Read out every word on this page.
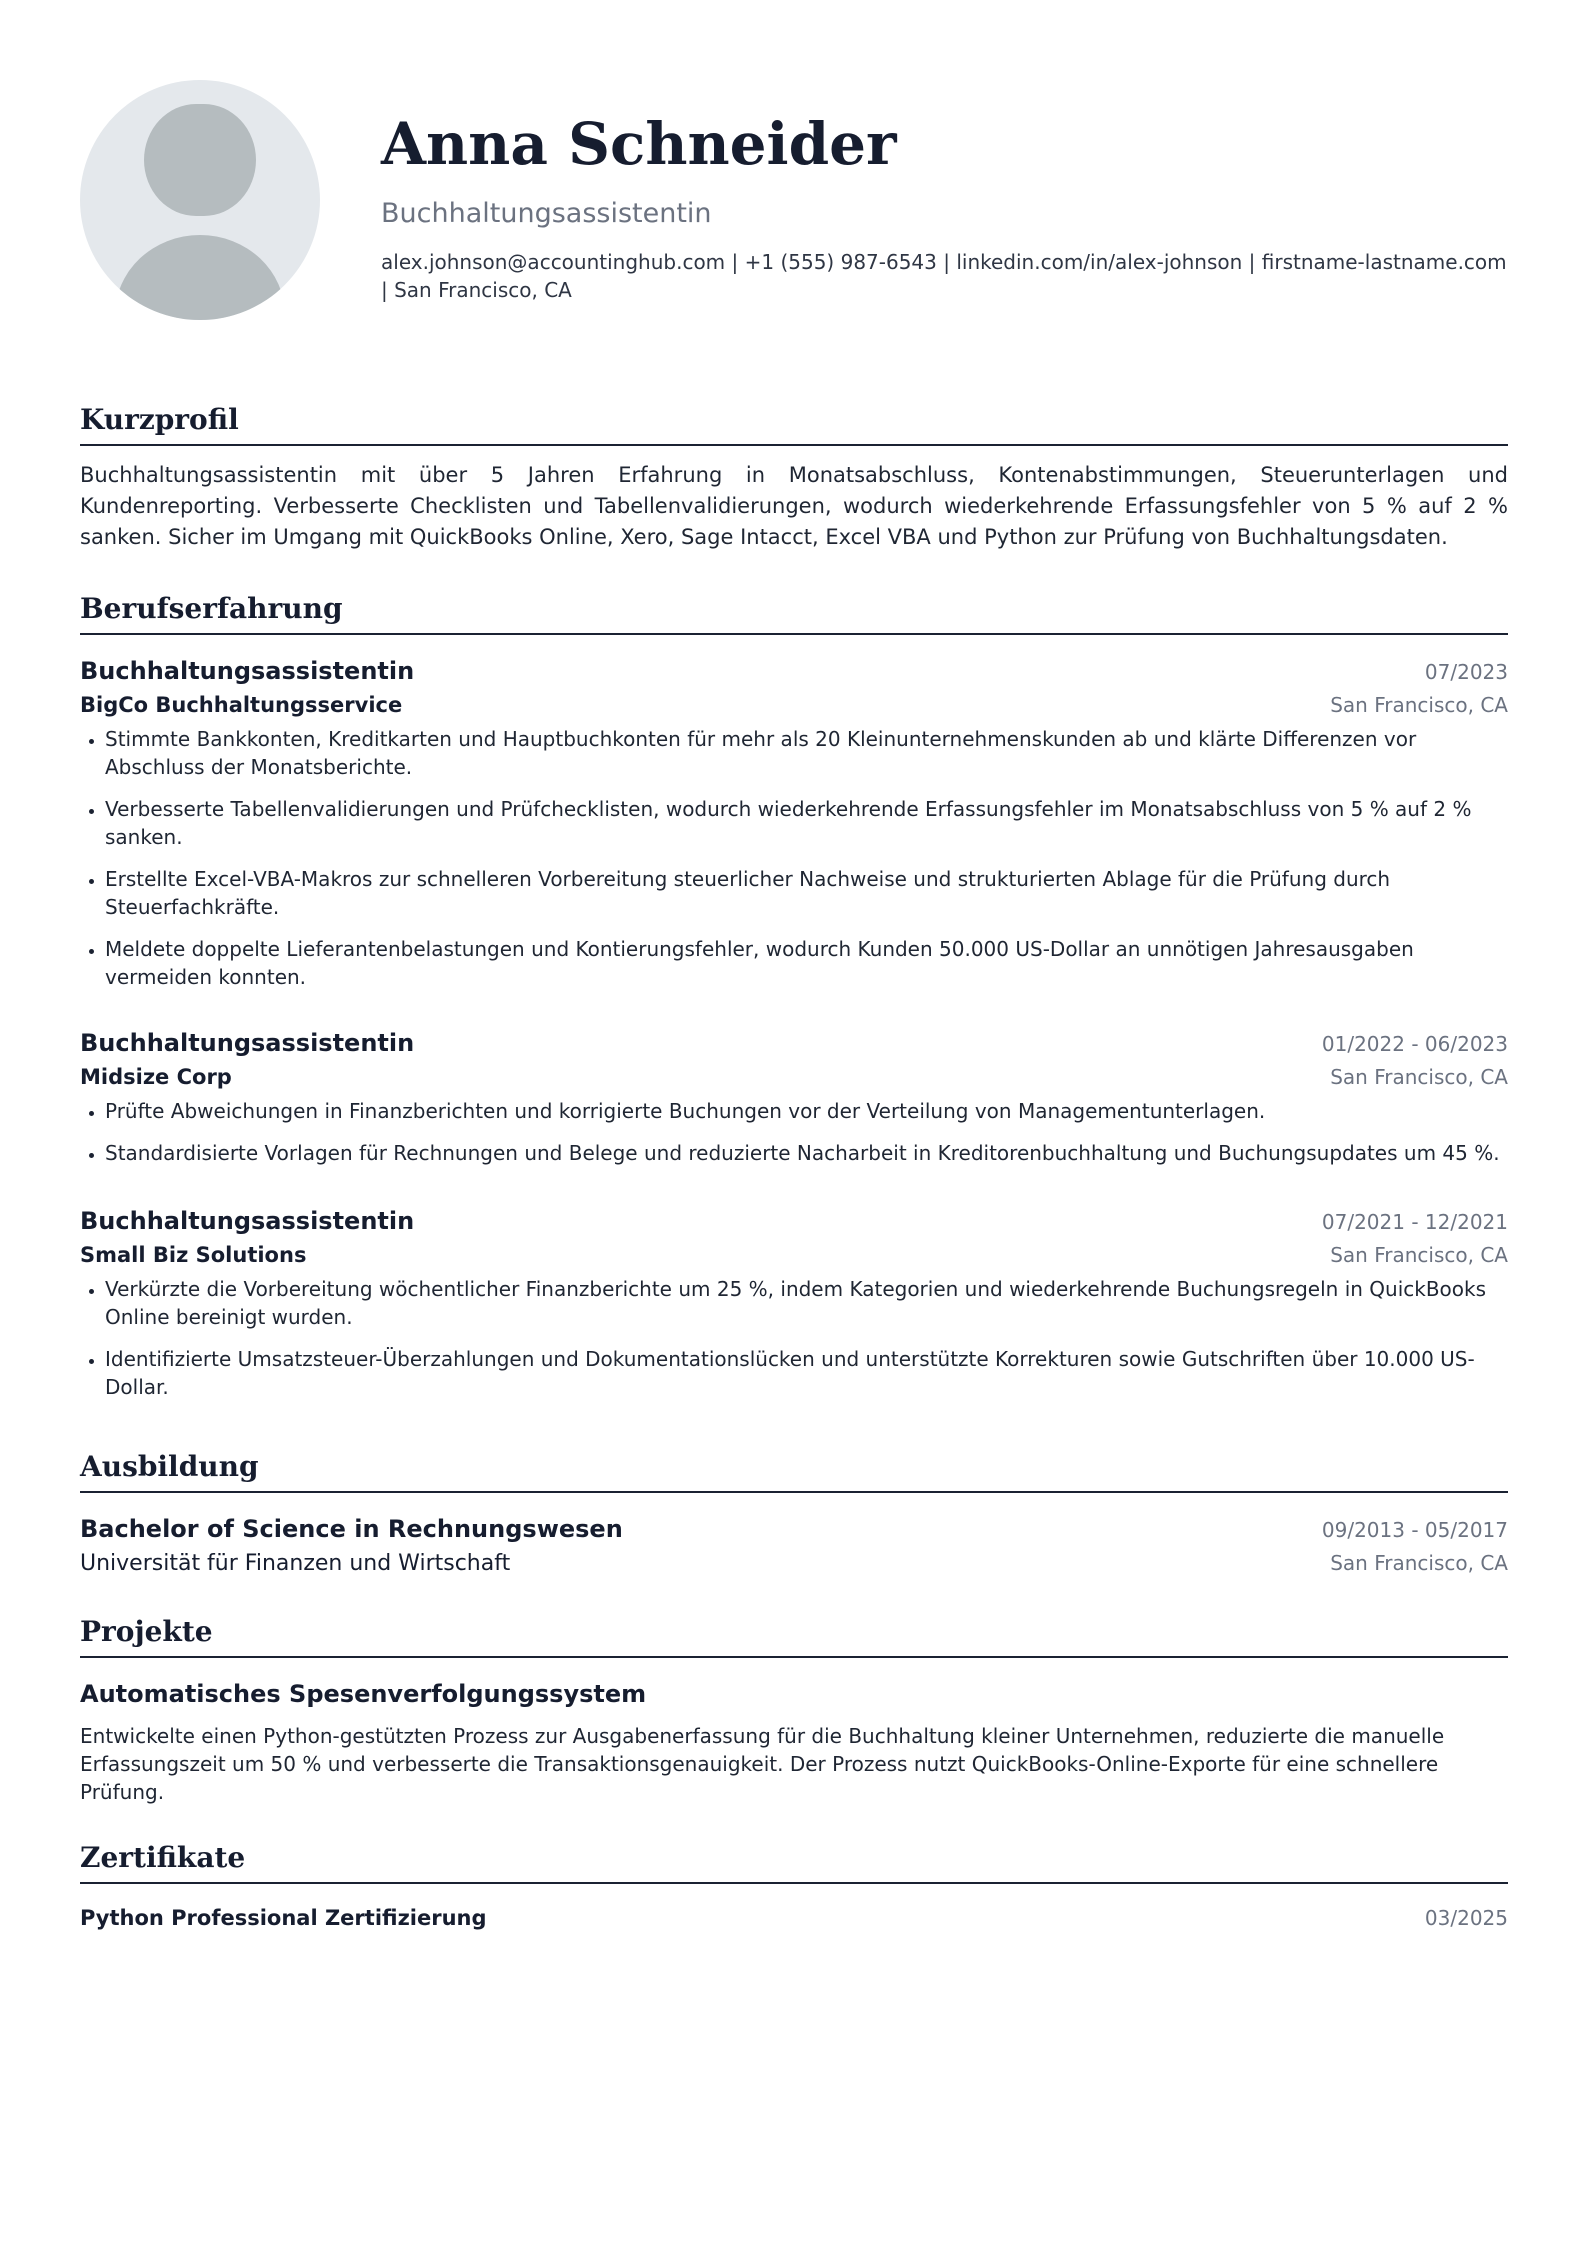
Anna Schneider
Buchhaltungsassistentin
alex.johnson@accountinghub.com | +1 (555) 987-6543 | linkedin.com/in/alex-johnson | firstname-lastname.com | San Francisco, CA
Kurzprofil
Buchhaltungsassistentin mit über 5 Jahren Erfahrung in Monatsabschluss, Kontenabstimmungen, Steuerunterlagen und Kundenreporting. Verbesserte Checklisten und Tabellenvalidierungen, wodurch wiederkehrende Erfassungsfehler von 5 % auf 2 % sanken. Sicher im Umgang mit QuickBooks Online, Xero, Sage Intacct, Excel VBA und Python zur Prüfung von Buchhaltungsdaten.
Berufserfahrung
Buchhaltungsassistentin	07/2023
BigCo Buchhaltungsservice	San Francisco, CA
Stimmte Bankkonten, Kreditkarten und Hauptbuchkonten für mehr als 20 Kleinunternehmenskunden ab und klärte Differenzen vor Abschluss der Monatsberichte.
Verbesserte Tabellenvalidierungen und Prüfchecklisten, wodurch wiederkehrende Erfassungsfehler im Monatsabschluss von 5 % auf 2 % sanken.
Erstellte Excel-VBA-Makros zur schnelleren Vorbereitung steuerlicher Nachweise und strukturierten Ablage für die Prüfung durch Steuerfachkräfte.
Meldete doppelte Lieferantenbelastungen und Kontierungsfehler, wodurch Kunden 50.000 US-Dollar an unnötigen Jahresausgaben vermeiden konnten.
Buchhaltungsassistentin	01/2022 - 06/2023
Midsize Corp	San Francisco, CA
Prüfte Abweichungen in Finanzberichten und korrigierte Buchungen vor der Verteilung von Managementunterlagen.
Standardisierte Vorlagen für Rechnungen und Belege und reduzierte Nacharbeit in Kreditorenbuchhaltung und Buchungsupdates um 45 %.
Buchhaltungsassistentin	07/2021 - 12/2021
Small Biz Solutions	San Francisco, CA
Verkürzte die Vorbereitung wöchentlicher Finanzberichte um 25 %, indem Kategorien und wiederkehrende Buchungsregeln in QuickBooks Online bereinigt wurden.
Identifizierte Umsatzsteuer-Überzahlungen und Dokumentationslücken und unterstützte Korrekturen sowie Gutschriften über 10.000 US-Dollar.
Ausbildung
Bachelor of Science in Rechnungswesen	09/2013 - 05/2017
Universität für Finanzen und Wirtschaft	San Francisco, CA
Projekte
Automatisches Spesenverfolgungssystem
Entwickelte einen Python-gestützten Prozess zur Ausgabenerfassung für die Buchhaltung kleiner Unternehmen, reduzierte die manuelle Erfassungszeit um 50 % und verbesserte die Transaktionsgenauigkeit. Der Prozess nutzt QuickBooks-Online-Exporte für eine schnellere Prüfung.
Zertifikate
Python Professional Zertifizierung	03/2025
